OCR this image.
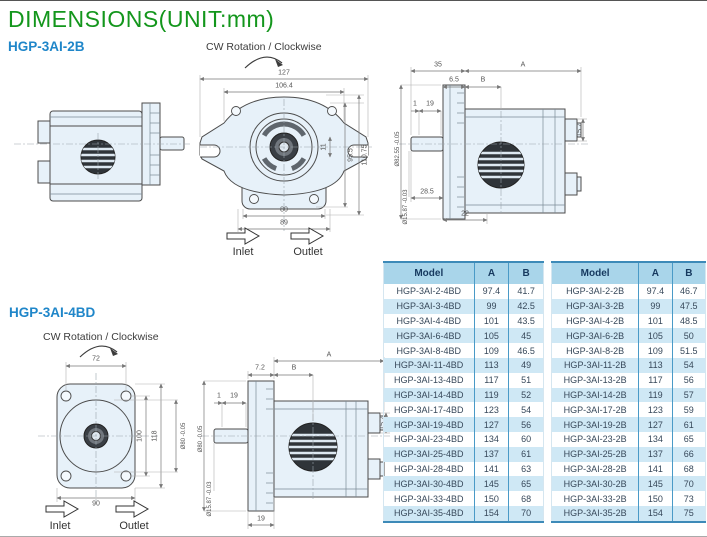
DIMENSIONS(UNIT:mm)
HGP-3AI-2B
HGP-3AI-4BD
CW Rotation / Clockwise
CW Rotation / Clockwise
127
106.4
11
95.5 110.75
80
89
Inlet	Outlet
35	A
6.5	B
1 19
15.7
28.5
22
Ø82.55 -0.05
Ø15.87 -0.03
72
100 118	Ø80 -0.05
90
Inlet	Outlet
7.2	B
A
1 19
15.7
Ø80 -0.05
Ø15.87 -0.03
19
Model	A	B
HGP-3AI-2-4BD	97.4	41.7
HGP-3AI-3-4BD	99	42.5
HGP-3AI-4-4BD	101	43.5
HGP-3AI-6-4BD	105	45
HGP-3AI-8-4BD	109	46.5
HGP-3AI-11-4BD	113	49
HGP-3AI-13-4BD	117	51
HGP-3AI-14-4BD	119	52
HGP-3AI-17-4BD	123	54
HGP-3AI-19-4BD	127	56
HGP-3AI-23-4BD	134	60
HGP-3AI-25-4BD	137	61
HGP-3AI-28-4BD	141	63
HGP-3AI-30-4BD	145	65
HGP-3AI-33-4BD	150	68
HGP-3AI-35-4BD	154	70
Model	A	B
HGP-3AI-2-2B	97.4	46.7
HGP-3AI-3-2B	99	47.5
HGP-3AI-4-2B	101	48.5
HGP-3AI-6-2B	105	50
HGP-3AI-8-2B	109	51.5
HGP-3AI-11-2B	113	54
HGP-3AI-13-2B	117	56
HGP-3AI-14-2B	119	57
HGP-3AI-17-2B	123	59
HGP-3AI-19-2B	127	61
HGP-3AI-23-2B	134	65
HGP-3AI-25-2B	137	66
HGP-3AI-28-2B	141	68
HGP-3AI-30-2B	145	70
HGP-3AI-33-2B	150	73
HGP-3AI-35-2B	154	75
